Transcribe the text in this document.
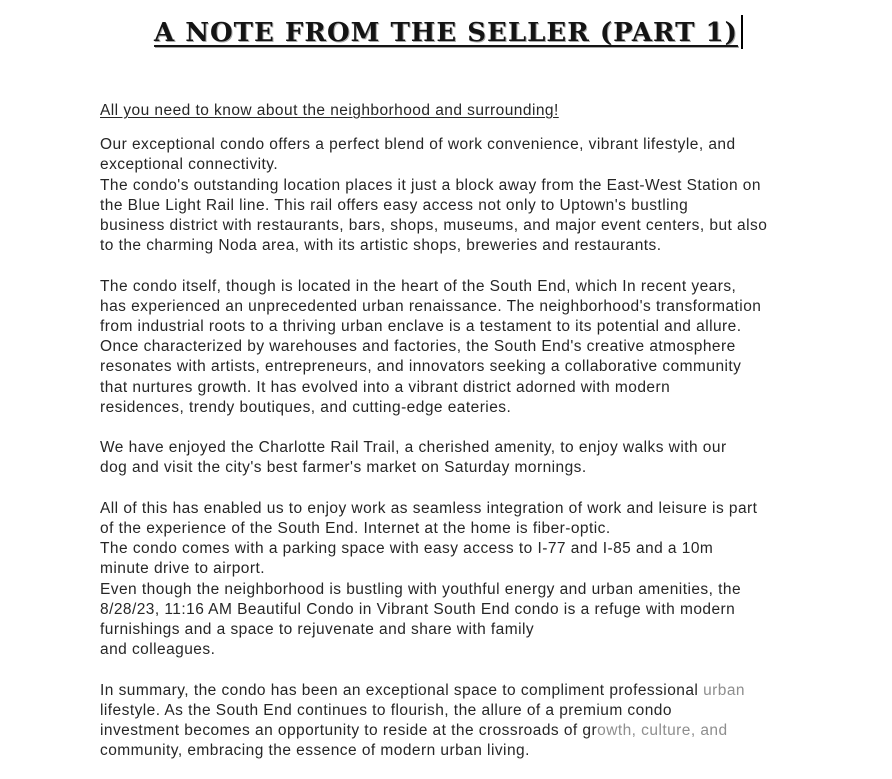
A NOTE FROM THE SELLER (PART 1)
All you need to know about the neighborhood and surrounding!
Our exceptional condo offers a perfect blend of work convenience, vibrant lifestyle, and
exceptional connectivity.
The condo's outstanding location places it just a block away from the East-West Station on
the Blue Light Rail line. This rail offers easy access not only to Uptown's bustling
business district with restaurants, bars, shops, museums, and major event centers, but also
to the charming Noda area, with its artistic shops, breweries and restaurants.
The condo itself, though is located in the heart of the South End, which In recent years,
has experienced an unprecedented urban renaissance. The neighborhood's transformation
from industrial roots to a thriving urban enclave is a testament to its potential and allure.
Once characterized by warehouses and factories, the South End's creative atmosphere
resonates with artists, entrepreneurs, and innovators seeking a collaborative community
that nurtures growth. It has evolved into a vibrant district adorned with modern
residences, trendy boutiques, and cutting-edge eateries.
We have enjoyed the Charlotte Rail Trail, a cherished amenity, to enjoy walks with our
dog and visit the city's best farmer's market on Saturday mornings.
All of this has enabled us to enjoy work as seamless integration of work and leisure is part
of the experience of the South End. Internet at the home is fiber-optic.
The condo comes with a parking space with easy access to I-77 and I-85 and a 10m
minute drive to airport.
Even though the neighborhood is bustling with youthful energy and urban amenities, the
8/28/23, 11:16 AM Beautiful Condo in Vibrant South End condo is a refuge with modern
furnishings and a space to rejuvenate and share with family
and colleagues.
In summary, the condo has been an exceptional space to compliment professional urban
lifestyle. As the South End continues to flourish, the allure of a premium condo
investment becomes an opportunity to reside at the crossroads of growth, culture, and
community, embracing the essence of modern urban living.
